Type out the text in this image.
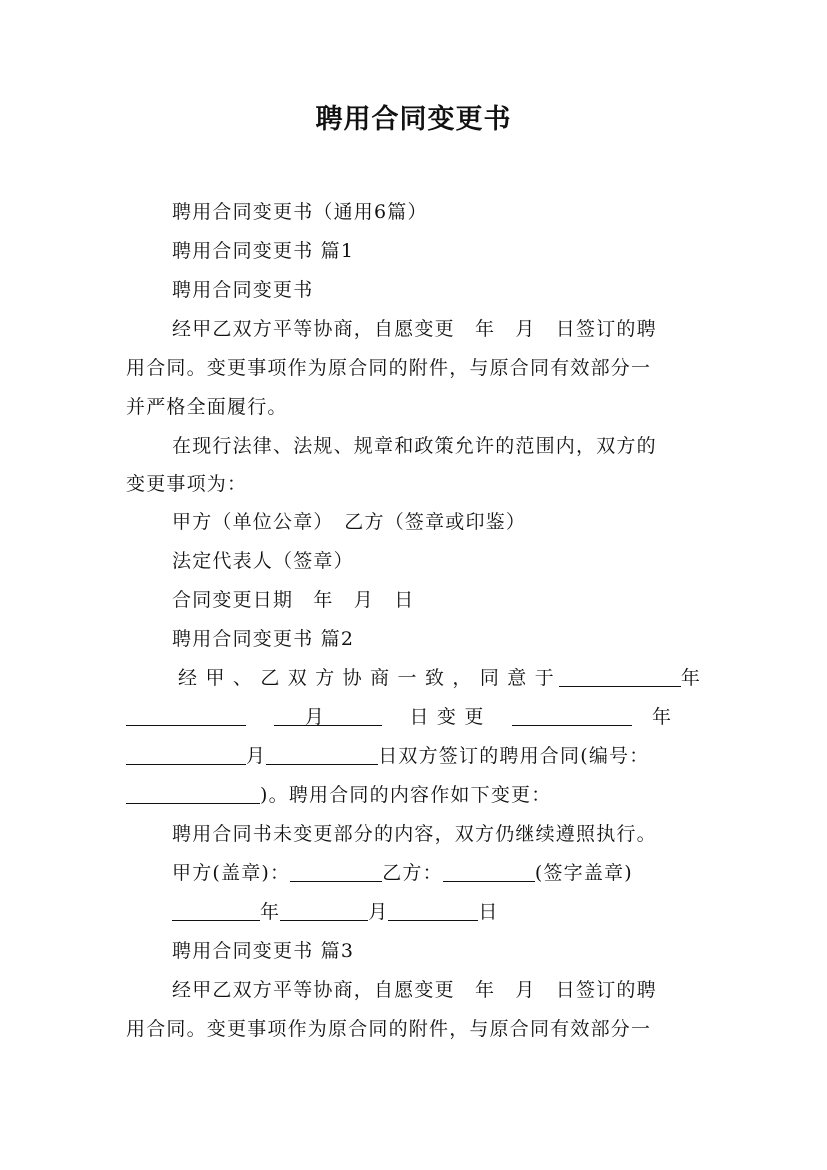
聘用合同变更书
聘用合同变更书（通用6篇）
聘用合同变更书 篇1
聘用合同变更书
经甲乙双方平等协商，自愿变更　年　月　日签订的聘
用合同。变更事项作为原合同的附件，与原合同有效部分一
并严格全面履行。
在现行法律、法规、规章和政策允许的范围内，双方的
变更事项为：
甲方（单位公章）　乙方（签章或印鉴）
法定代表人（签章）
合同变更日期　年　月　日
聘用合同变更书 篇2
经 甲 、 乙 双 方 协 商 一 致 ， 同 意 于	年
月	日 变 更	年
月	日双方签订的聘用合同(编号：
)。聘用合同的内容作如下变更：
聘用合同书未变更部分的内容，双方仍继续遵照执行。
甲方(盖章)：	乙方：	(签字盖章)
年	月	日
聘用合同变更书 篇3
经甲乙双方平等协商，自愿变更　年　月　日签订的聘
用合同。变更事项作为原合同的附件，与原合同有效部分一
